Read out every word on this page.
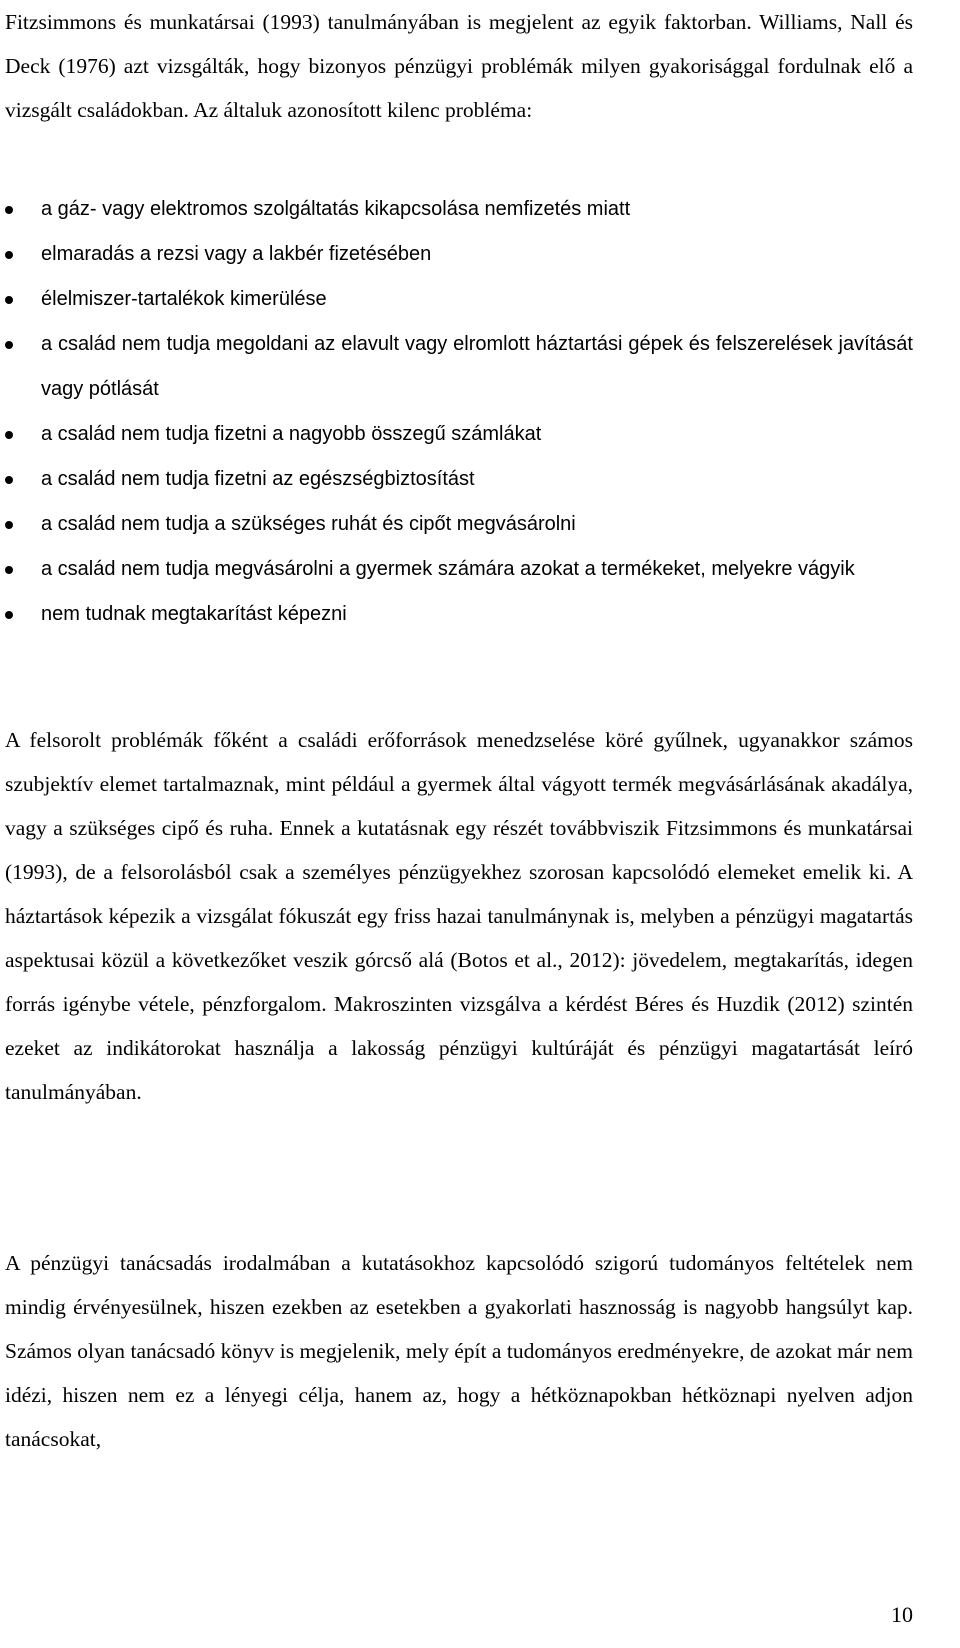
Fitzsimmons és munkatársai (1993) tanulmányában is megjelent az egyik faktorban. Williams, Nall és Deck (1976) azt vizsgálták, hogy bizonyos pénzügyi problémák milyen gyakorisággal fordulnak elő a vizsgált családokban. Az általuk azonosított kilenc probléma:

a gáz- vagy elektromos szolgáltatás kikapcsolása nemfizetés miatt
elmaradás a rezsi vagy a lakbér fizetésében
élelmiszer-tartalékok kimerülése
a család nem tudja megoldani az elavult vagy elromlott háztartási gépek és felszerelések javítását vagy pótlását
a család nem tudja fizetni a nagyobb összegű számlákat
a család nem tudja fizetni az egészségbiztosítást
a család nem tudja a szükséges ruhát és cipőt megvásárolni
a család nem tudja megvásárolni a gyermek számára azokat a termékeket, melyekre vágyik
nem tudnak megtakarítást képezni

A felsorolt problémák főként a családi erőforrások menedzselése köré gyűlnek, ugyanakkor számos szubjektív elemet tartalmaznak, mint például a gyermek által vágyott termék megvásárlásának akadálya, vagy a szükséges cipő és ruha. Ennek a kutatásnak egy részét továbbviszik Fitzsimmons és munkatársai (1993), de a felsorolásból csak a személyes pénzügyekhez szorosan kapcsolódó elemeket emelik ki. A háztartások képezik a vizsgálat fókuszát egy friss hazai tanulmánynak is, melyben a pénzügyi magatartás aspektusai közül a következőket veszik górcső alá (Botos et al., 2012): jövedelem, megtakarítás, idegen forrás igénybe vétele, pénzforgalom. Makroszinten vizsgálva a kérdést Béres és Huzdik (2012) szintén ezeket az indikátorokat használja a lakosság pénzügyi kultúráját és pénzügyi magatartását leíró tanulmányában.

A pénzügyi tanácsadás irodalmában a kutatásokhoz kapcsolódó szigorú tudományos feltételek nem mindig érvényesülnek, hiszen ezekben az esetekben a gyakorlati hasznosság is nagyobb hangsúlyt kap. Számos olyan tanácsadó könyv is megjelenik, mely épít a tudományos eredményekre, de azokat már nem idézi, hiszen nem ez a lényegi célja, hanem az, hogy a hétköznapokban hétköznapi nyelven adjon tanácsokat,

10
